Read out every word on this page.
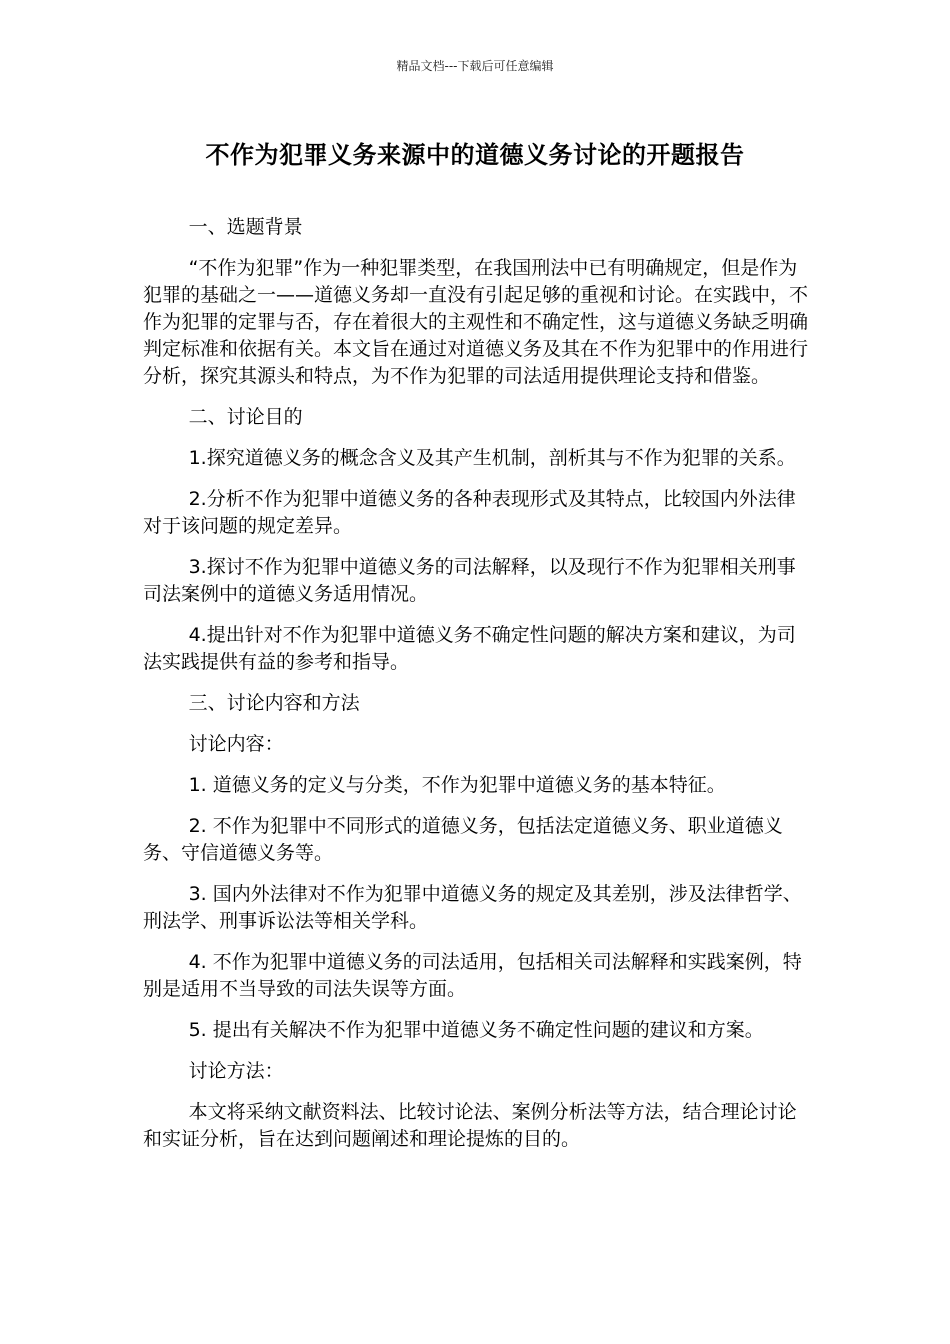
精品文档---下载后可任意编辑
不作为犯罪义务来源中的道德义务讨论的开题报告

一、选题背景

“不作为犯罪”作为一种犯罪类型，在我国刑法中已有明确规定，但是作为犯罪的基础之一——道德义务却一直没有引起足够的重视和讨论。在实践中，不作为犯罪的定罪与否，存在着很大的主观性和不确定性，这与道德义务缺乏明确判定标准和依据有关。本文旨在通过对道德义务及其在不作为犯罪中的作用进行分析，探究其源头和特点，为不作为犯罪的司法适用提供理论支持和借鉴。

二、讨论目的

1.探究道德义务的概念含义及其产生机制，剖析其与不作为犯罪的关系。

2.分析不作为犯罪中道德义务的各种表现形式及其特点，比较国内外法律对于该问题的规定差异。

3.探讨不作为犯罪中道德义务的司法解释，以及现行不作为犯罪相关刑事司法案例中的道德义务适用情况。

4.提出针对不作为犯罪中道德义务不确定性问题的解决方案和建议，为司法实践提供有益的参考和指导。

三、讨论内容和方法

讨论内容：

1. 道德义务的定义与分类，不作为犯罪中道德义务的基本特征。

2. 不作为犯罪中不同形式的道德义务，包括法定道德义务、职业道德义务、守信道德义务等。

3. 国内外法律对不作为犯罪中道德义务的规定及其差别，涉及法律哲学、刑法学、刑事诉讼法等相关学科。

4. 不作为犯罪中道德义务的司法适用，包括相关司法解释和实践案例，特别是适用不当导致的司法失误等方面。

5. 提出有关解决不作为犯罪中道德义务不确定性问题的建议和方案。

讨论方法：

本文将采纳文献资料法、比较讨论法、案例分析法等方法，结合理论讨论和实证分析，旨在达到问题阐述和理论提炼的目的。
